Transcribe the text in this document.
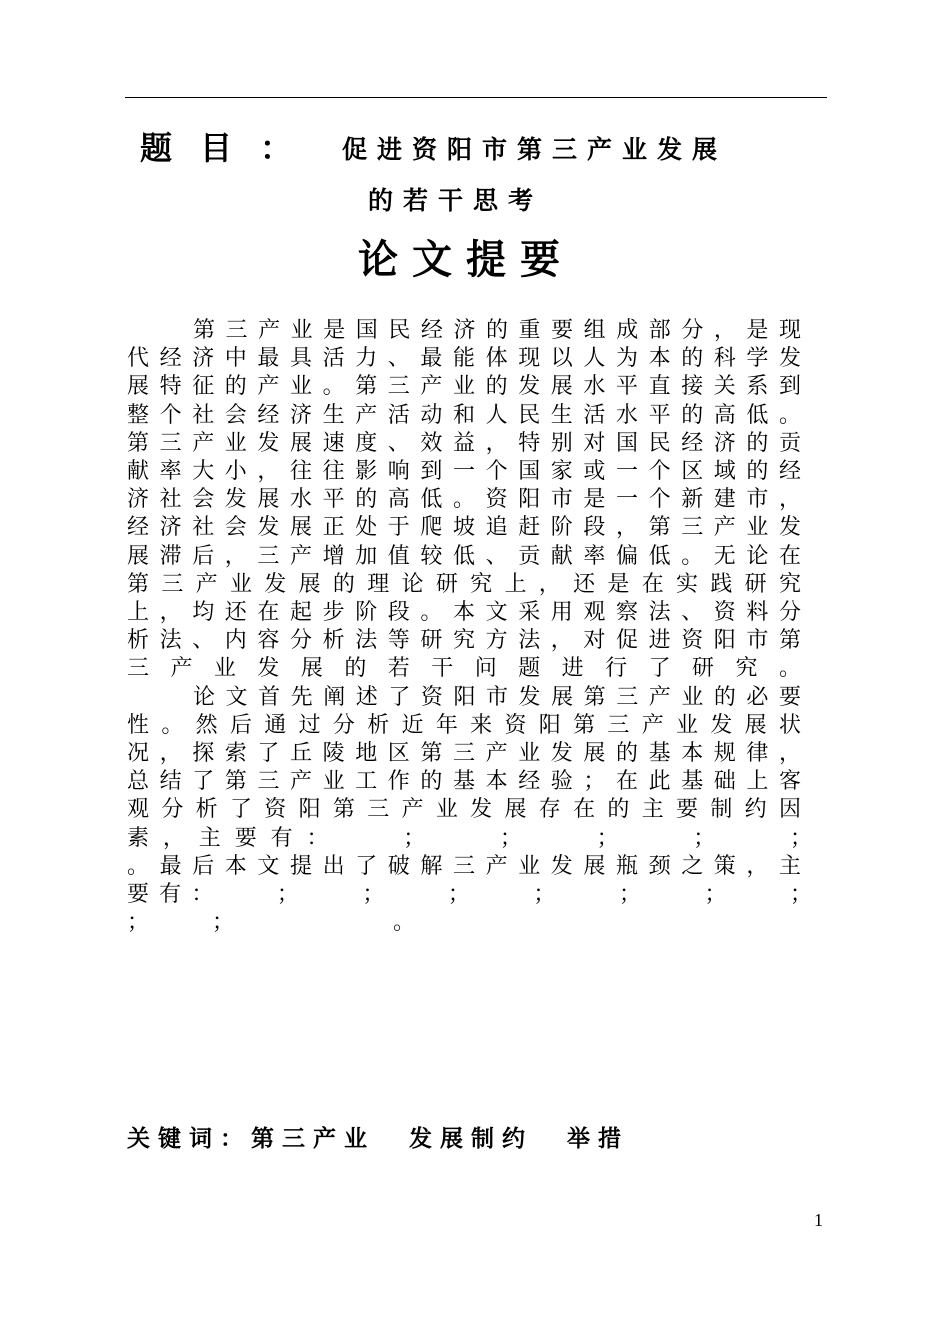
题目： 促进资阳市第三产业发展
的若干思考
论文提要

第三产业是国民经济的重要组成部分，是现代经济中最具活力、最能体现以人为本的科学发展特征的产业。第三产业的发展水平直接关系到整个社会经济生产活动和人民生活水平的高低。第三产业发展速度、效益，特别对国民经济的贡献率大小，往往影响到一个国家或一个区域的经济社会发展水平的高低。资阳市是一个新建市，经济社会发展正处于爬坡追赶阶段，第三产业发展滞后，三产增加值较低、贡献率偏低。无论在第三产业发展的理论研究上，还是在实践研究上，均还在起步阶段。本文采用观察法、资料分析法、内容分析法等研究方法，对促进资阳市第三产业发展的若干问题进行了研究。

论文首先阐述了资阳市发展第三产业的必要性。然后通过分析近年来资阳第三产业发展状况，探索了丘陵地区第三产业发展的基本规律，总结了第三产业工作的基本经验；在此基础上客观分析了资阳第三产业发展存在的主要制约因素，主要有：　　；　　；　　；　　；　　；　　。最后本文提出了破解三产业发展瓶颈之策，主要有：　　；　　；　　；　　；　　；　　；　　；　　；　　；　　　　　。

关键词：第三产业 发展制约 举措
1
